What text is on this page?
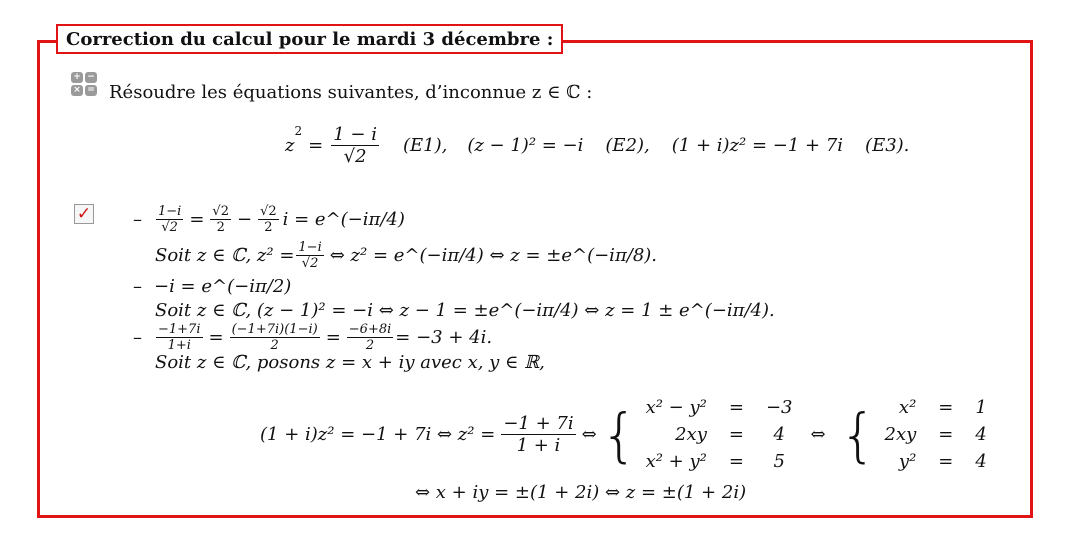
Correction du calcul pour le mardi 3 décembre :
+ −
× = Résoudre les équations suivantes, d’inconnue z ∈ ℂ :
z
$^2$
= $\frac{1 - i}{√2} (E1)$, (z − 1)² = −i (E2), (1 + i)z² = −1 + 7i (E3).
✓ – $\frac{1-i}{√2} = \frac{√2}{2} - \frac{√2}{2}$ i = e^(−iπ/4)
Soit z ∈ ℂ, $z^2 = \frac{1-i}{√2}$ ⇔ z² = e^(−iπ/4) ⇔ z = ±e^(−iπ/8).
– −i = e^(−iπ/2)
Soit z ∈ ℂ, (z − 1)² = −i ⇔ z − 1 = ±e^(−iπ/4) ⇔ z = 1 ± e^(−iπ/4).
– $\frac{-1+7i}{1+i} = \frac{(-1+7i)(1-i)}{2} = \frac{-6+8i}{2} = -3 + 4i$.
Soit z ∈ ℂ, posons z = x + iy avec x, y ∈ ℝ,
(1 + i)z² = −1 + 7i ⇔ $z^2 = \frac{-1 + 7i}{1 + i}$ ⇔ { x² − y²	=	−3
2xy	=	4
x² + y²	=	5
⇔ { x²	=	1
2xy	=	4
y²	=	4
⇔ x + iy = ±(1 + 2i) ⇔ z = ±(1 + 2i)
